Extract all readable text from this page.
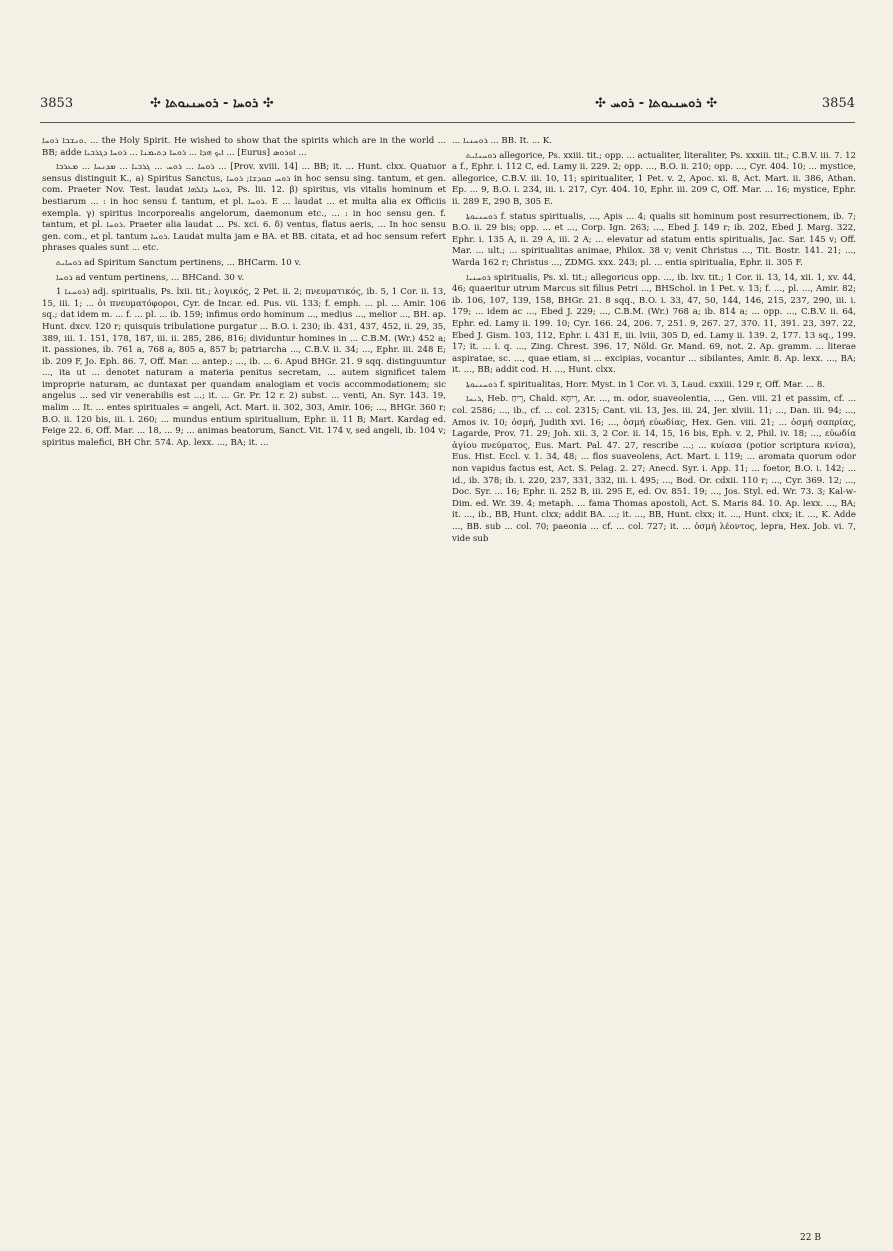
3853	✣ ܪܘܚܐ - ܪܘܚܢܝܘܬܐ ✣	✣ ܪܘܚܢܝܘܬܐ - ܪܘܚ ✣	3854

ܘܢܫܒܐ ܪܘܚܐ. ... the Holy Spirit. He wished to show that the spirits which are in the world ... BB; adde ܐܝܟ ܗܕܐ ... ܪܘܚܐ ܕܬܝܡܢܐ ... ܪܘܚܐ ܕܓܪܒܝܐ ... [Eurus] ܐܘܪܘܣ ...

ܪܘܚܐ ... ܪܘܚ ... ܓܪܒܝܐ ... ܡܕܢܚܐ ... ܡܥܪܒܐ ... [Prov. xviii. 14] ... BB; it. ... Hunt. clxx. Quatuor sensus distinguit K., a) Spiritus Sanctus, ܪܘܚ ܩܘܕܫܐ; ܪܘܚܐ in hoc sensu sing. tantum, et gen. com. Praeter Nov. Test. laudat ܪܘܚܐ ܕܐܠܗܐ, Ps. lii. 12. β) spiritus, vis vitalis hominum et bestiarum ... : in hoc sensu f. tantum, et pl. ܪܘܚܐ. E ... laudat ... et multa alia ex Officiis exempla. γ) spiritus incorporealis angelorum, daemonum etc., ... : in hoc sensu gen. f. tantum, et pl. ܪܘܚܐ. Praeter alia laudat ... Ps. xci. 6. δ) ventus, flatus aeris, ... In hoc sensu gen. com., et pl. tantum ܪܘܚܐ. Laudat multa jam e BA. et BB. citata, et ad hoc sensum refert phrases quales sunt ... etc.

ܪܘܚܐܝܬ ad Spiritum Sanctum pertinens, ... BHCarm. 10 v.

ܪܘܚܐ ad ventum pertinens, ... BHCand. 30 v.

ܪܘܚܢܐ 1) adj. spiritualis, Ps. lxii. tit.; λογικός, 2 Pet. ii. 2; πνευματικός, ib. 5, 1 Cor. ii. 13, 15, iii. 1; ... ὁι πνευματόφοροι, Cyr. de Incar. ed. Pus. vii. 133; f. emph. ... pl. ... Amir. 106 sq.; dat idem m. ... f. ... pl. ... ib. 159; infimus ordo hominum ..., medius ..., melior ..., BH. ap. Hunt. dxcv. 120 r; quisquis tribulatione purgatur ... B.O. i. 230; ib. 431, 437, 452, ii. 29, 35, 389, iii. 1. 151, 178, 187, iii. ii. 285, 286, 816; dividuntur homines in ... C.B.M. (Wr.) 452 a; it. passiones, ib. 761 a, 768 a, 805 a, 857 b; patriarcha ..., C.B.V. ii. 34; ..., Ephr. iii. 248 E; ib. 209 F, Jo. Eph. 86. 7, Off. Mar. ... antep.; ..., ib. ... 6. Apud BHGr. 21. 9 sqq. distinguuntur ..., ita ut ... denotet naturam a materia penitus secretam, ... autem significet talem improprie naturam, ac duntaxat per quandam analogiam et vocis accommodationem; sic angelus ... sed vir venerabilis est ...; it. ... Gr. Pr. 12 r. 2) subst. ... venti, An. Syr. 143. 19, malim ... It. ... entes spirituales = angeli, Act. Mart. ii. 302, 303, Amir. 106; ..., BHGr. 360 r; B.O. ii. 120 bis, iii. i. 260; ... mundus entium spiritualium, Ephr. ii. 11 B; Mart. Kardag ed. Feige 22. 6, Off. Mar. ... 18, ... 9; ... animas beatorum, Sanct. Vit. 174 v, sed angeli, ib. 104 v; spiritus malefici, BH Chr. 574. Ap. lexx. ..., BA; it. ...

... ܪܘܚܢܝܐ ... BB. It. ... K.

ܪܘܚܢܐܝܬ allegorice, Ps. xxiii. tit.; opp. ... actualiter, literaliter, Ps. xxxiii. tit.; C.B.V. iii. 7. 12 a f., Ephr. i. 112 C, ed. Lamy ii. 229. 2; opp. ..., B.O. ii. 210; opp. ..., Cyr. 404. 10; ... mystice, allegorice, C.B.V. iii. 10, 11; spiritualiter, 1 Pet. v. 2, Apoc. xi. 8, Act. Mart. ii. 386, Athan. Ep. ... 9, B.O. i. 234, iii. i. 217, Cyr. 404. 10, Ephr. iii. 209 C, Off. Mar. ... 16; mystice, Ephr. ii. 289 E, 290 B, 305 E.

ܪܘܚܢܝܘܬܐ f. status spiritualis, ..., Apis ... 4; qualis sit hominum post resurrectionem, ib. 7; B.O. ii. 29 bis; opp. ... et ..., Corp. Ign. 263; ..., Ebed J. 149 r; ib. 202, Ebed J. Marg. 322, Ephr. i. 135 A, ii. 29 A, iii. 2 A; ... elevatur ad statum entis spiritualis, Jac. Sar. 145 v; Off. Mar. ... ult.; ... spiritualitas animae, Philox. 38 v; venit Christus ..., Tit. Bostr. 141. 21; ..., Warda 162 r; Christus ..., ZDMG. xxx. 243; pl. ... entia spiritualia, Ephr. ii. 305 F.

ܪܘܚܢܝܐ spiritualis, Ps. xl. tit.; allegoricus opp. ..., ib. lxv. tit.; 1 Cor. ii. 13, 14, xii. 1, xv. 44, 46; quaeritur utrum Marcus sit filius Petri ..., BHSchol. in 1 Pet. v. 13; f. ..., pl. ..., Amir. 82; ib. 106, 107, 139, 158, BHGr. 21. 8 sqq., B.O. i. 33, 47, 50, 144, 146, 215, 237, 290, iii. i. 179; ... idem ac ..., Ebed J. 229; ..., C.B.M. (Wr.) 768 a; ib. 814 a; ... opp. ..., C.B.V. ii. 64, Ephr. ed. Lamy ii. 199. 10; Cyr. 166. 24, 206. 7, 251. 9, 267. 27, 370. 11, 391. 23, 397. 22, Ebed J. Gism. 103, 112, Ephr. i. 431 E, iii. lviii, 305 D, ed. Lamy ii. 139. 2, 177. 13 sq., 199. 17; it. ... i. q. ..., Zing. Chrest. 396. 17, Nöld. Gr. Mand. 69, not. 2. Ap. gramm. ... literae aspiratae, sc. ..., quae etiam, si ... excipias, vocantur ... sibilantes, Amir. 8. Ap. lexx. ..., BA; it. ..., BB; addit cod. H. ..., Hunt. clxx.

ܪܘܚܢܝܘܬܐ f. spiritualitas, Horr. Myst. in 1 Cor. vi. 3, Laud. cxxiii. 129 r, Off. Mar. ... 8.

ܪܝܚܐ, Heb. רֵיחַ, Chald. רֵיחָא, Ar. ..., m. odor, suaveolentia, ..., Gen. viii. 21 et passim, cf. ... col. 2586; ..., ib., cf. ... col. 2315; Cant. vii. 13, Jes. iii. 24, Jer. xlviii. 11; ..., Dan. iii. 94; ..., Amos iv. 10; ὀσμή, Judith xvi. 16; ..., ὀσμή εὐωδίας, Hex. Gen. viii. 21; ... ὀσμή σαπρίας, Lagarde, Prov. 71. 29; Joh. xii. 3, 2 Cor. ii. 14, 15, 16 bis, Eph. v. 2, Phil. iv. 18; ..., εὐωδία ἁγίου πνεύματος, Eus. Mart. Pal. 47. 27, rescribe ...; ... κυίασα (potior scriptura κνίσα), Eus. Hist. Eccl. v. 1. 34, 48; ... flos suaveolens, Act. Mart. i. 119; ... aromata quorum odor non vapidus factus est, Act. S. Pelag. 2. 27; Anecd. Syr. i. App. 11; ... foetor, B.O. i. 142; ... id., ib. 378; ib. i. 220, 237, 331, 332, iii. i. 495; ..., Bod. Or. cdxii. 110 r; ..., Cyr. 369. 12; ..., Doc. Syr. ... 16; Ephr. ii. 252 B, iii. 295 E, ed. Ov. 851. 19; ..., Jos. Styl. ed. Wr. 73. 3; Kal-w-Dim. ed. Wr. 39. 4; metaph. ... fama Thomas apostoli, Act. S. Maris 84. 10. Ap. lexx. ..., BA; it. ..., ib., BB, Hunt. clxx; addit BA. ...; it. ..., BB, Hunt. clxx; it. ..., Hunt. clxx; it. ..., K. Adde ..., BB. sub ... col. 70; paeonia ... cf. ... col. 727; it. ... ὀσμή λέοντος, lepra, Hex. Job. vi. 7, vide sub

22 B
